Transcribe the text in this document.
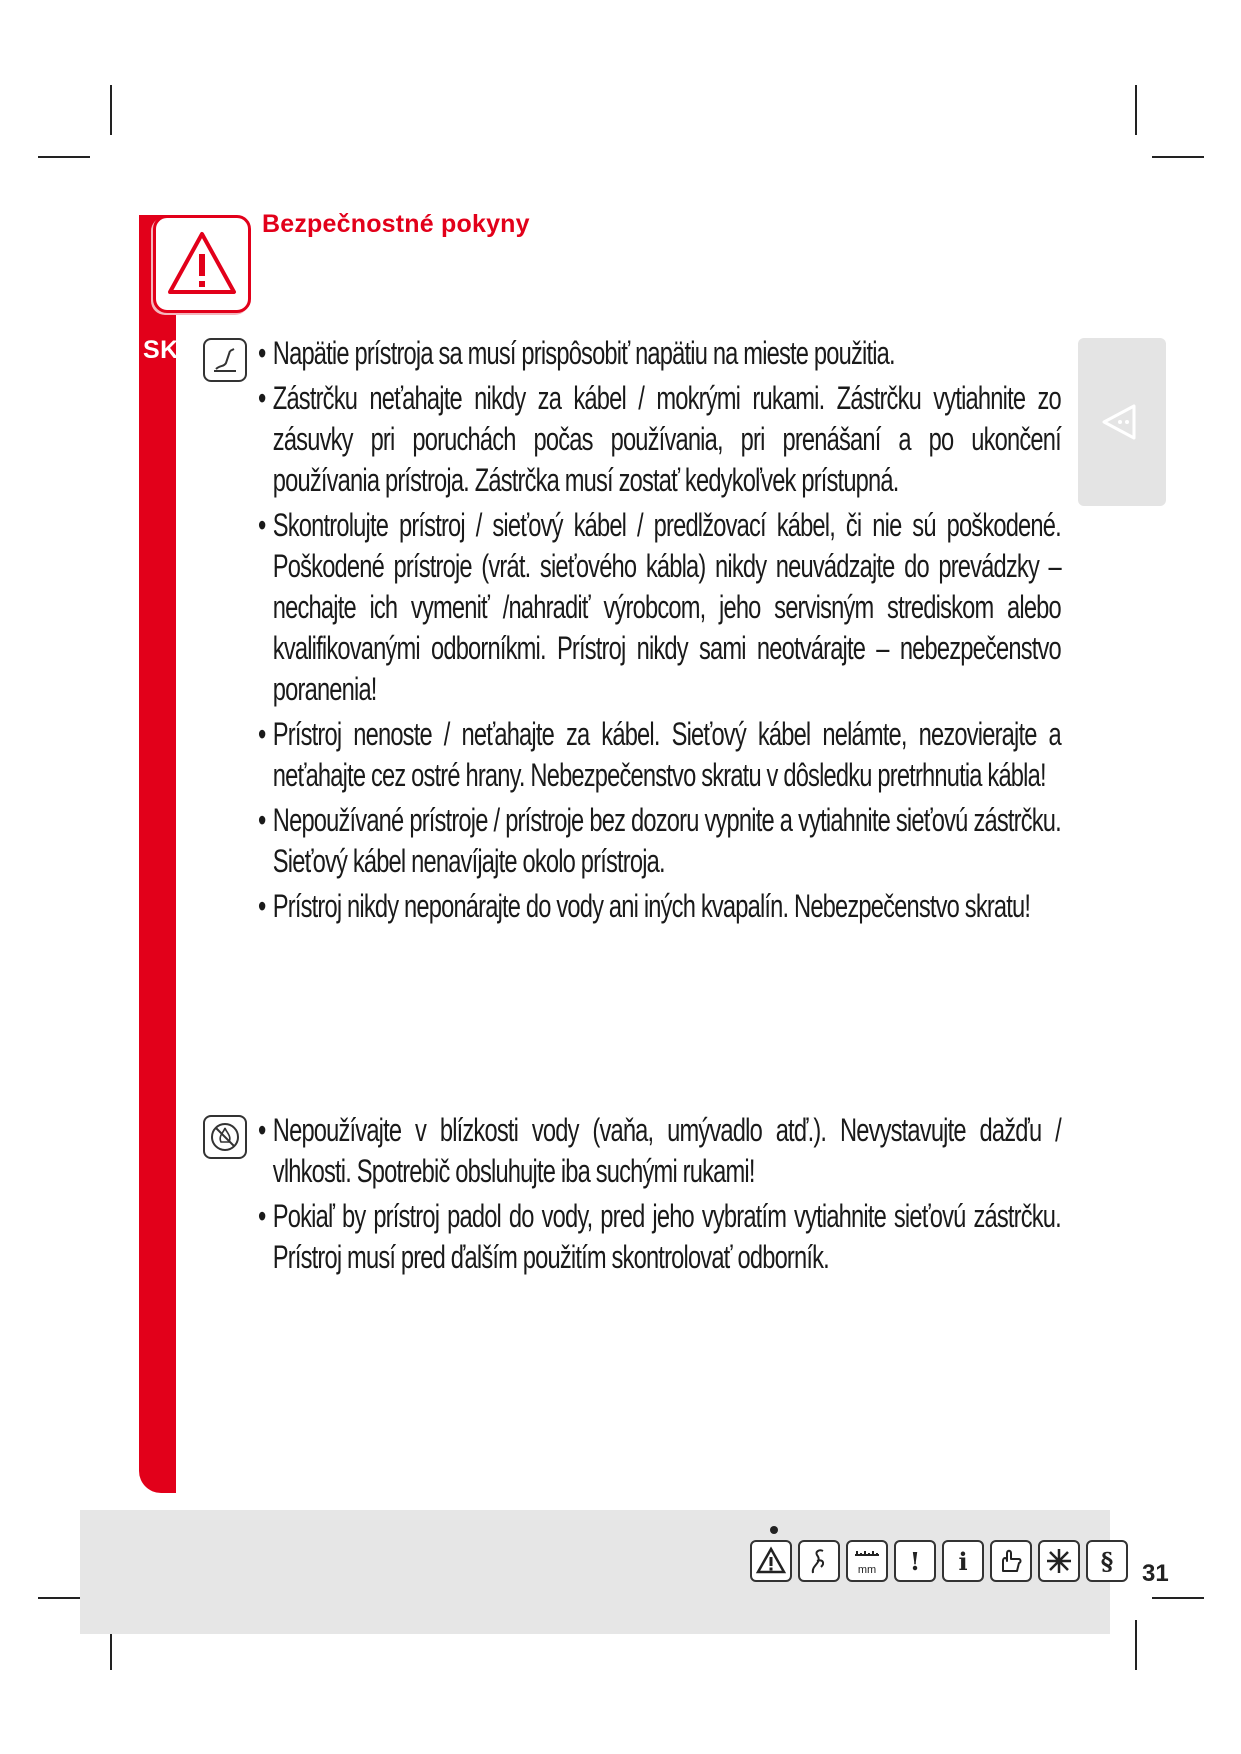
SK
Bezpečnostné pokyny
• Napätie prístroja sa musí prispôsobiť napätiu na mieste použitia.
• Zástrčku neťahajte nikdy za kábel / mokrými rukami. Zástrčku vytiahnite zo zásuvky pri poruchách počas používania, pri prenášaní a po ukončení používania prístroja. Zástrčka musí zostať kedykoľvek prístupná.
• Skontrolujte prístroj / sieťový kábel / predlžovací kábel, či nie sú poškodené. Poškodené prístroje (vrát. sieťového kábla) nikdy neuvádzajte do prevádzky – nechajte ich vymeniť /nahradiť výrobcom, jeho servisným strediskom alebo kvalifikovanými odborníkmi. Prístroj nikdy sami neotvárajte – nebezpečenstvo poranenia!
• Prístroj nenoste / neťahajte za kábel. Sieťový kábel nelámte, nezovierajte a neťahajte cez ostré hrany. Nebezpečenstvo skratu v dôsledku pretrhnutia kábla!
• Nepoužívané prístroje / prístroje bez dozoru vypnite a vytiahnite sieťovú zástrčku. Sieťový kábel nenavíjajte okolo prístroja.
• Prístroj nikdy neponárajte do vody ani iných kvapalín. Nebezpečenstvo skratu!
• Nepoužívajte v blízkosti vody (vaňa, umývadlo atď.). Nevystavujte dažďu / vlhkosti. Spotrebič obsluhujte iba suchými rukami!
• Pokiaľ by prístroj padol do vody, pred jeho vybratím vytiahnite sieťovú zástrčku. Prístroj musí pred ďalším použitím skontrolovať odborník.
mm	!	i	§	31
